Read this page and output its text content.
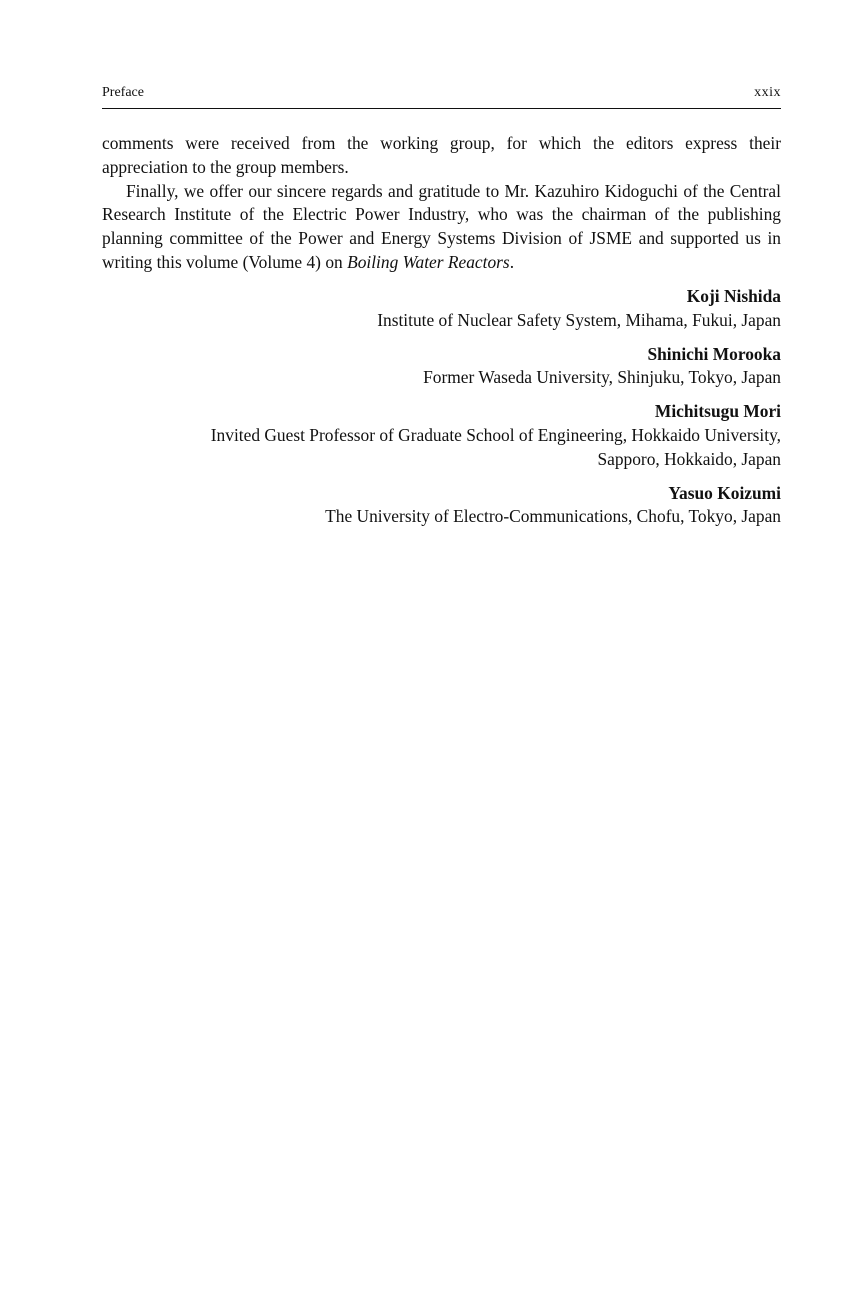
Preface	xxix

comments were received from the working group, for which the editors express their appreciation to the group members.

Finally, we offer our sincere regards and gratitude to Mr. Kazuhiro Kidoguchi of the Central Research Institute of the Electric Power Industry, who was the chairman of the publishing planning committee of the Power and Energy Systems Division of JSME and supported us in writing this volume (Volume 4) on Boiling Water Reactors.

Koji Nishida
Institute of Nuclear Safety System, Mihama, Fukui, Japan
Shinichi Morooka
Former Waseda University, Shinjuku, Tokyo, Japan
Michitsugu Mori
Invited Guest Professor of Graduate School of Engineering, Hokkaido University,
Sapporo, Hokkaido, Japan
Yasuo Koizumi
The University of Electro-Communications, Chofu, Tokyo, Japan
